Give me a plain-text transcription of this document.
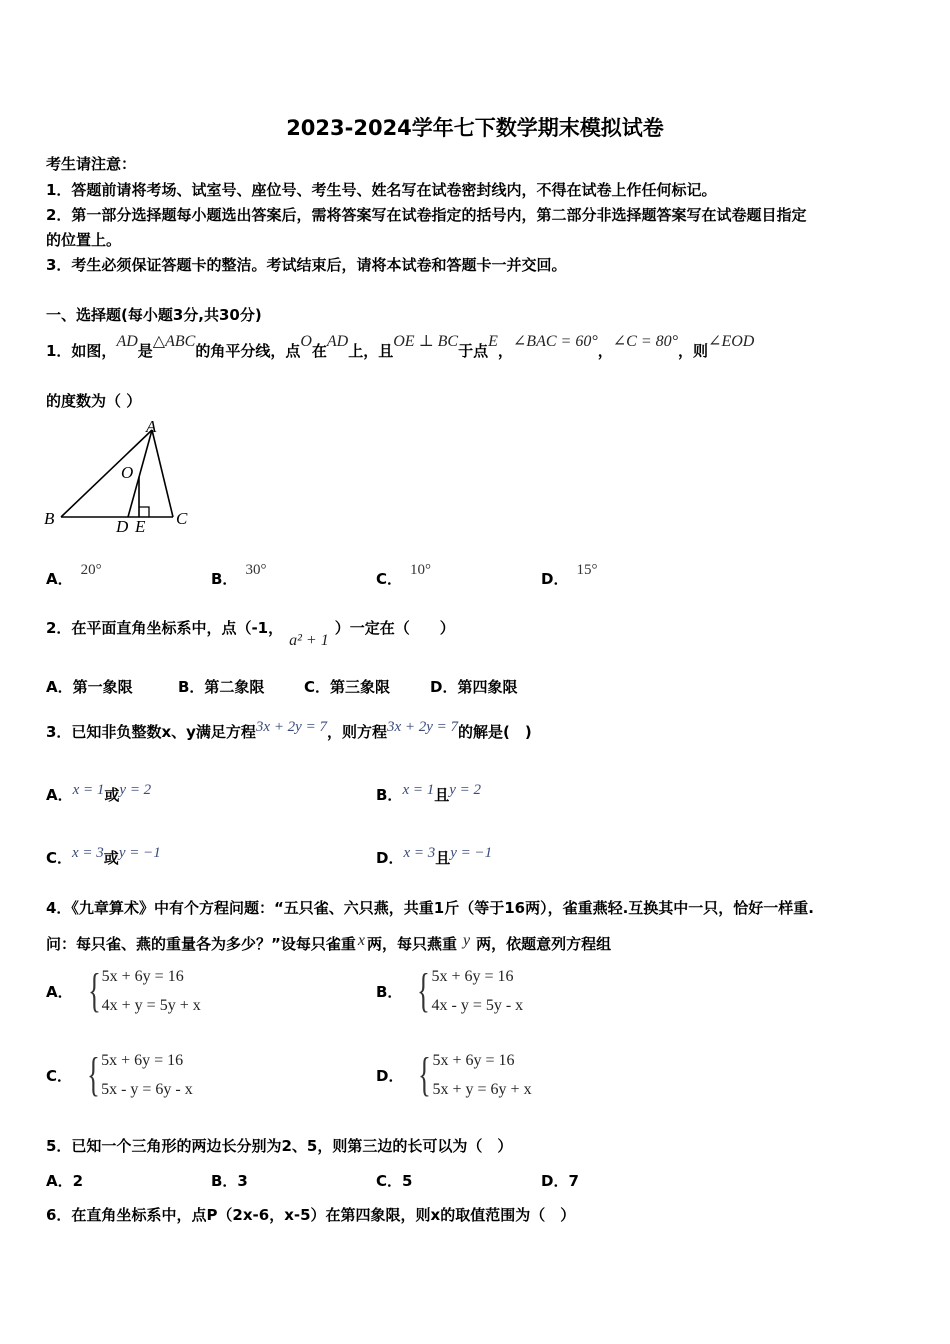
2023-2024学年七下数学期末模拟试卷
考生请注意：
1．答题前请将考场、试室号、座位号、考生号、姓名写在试卷密封线内，不得在试卷上作任何标记。
2．第一部分选择题每小题选出答案后，需将答案写在试卷指定的括号内，第二部分非选择题答案写在试卷题目指定
的位置上。
3．考生必须保证答题卡的整洁。考试结束后，请将本试卷和答题卡一并交回。
一、选择题(每小题3分,共30分)
1．如图，AD是△ABC的角平分线，点O在AD上，且OE ⊥ BC于点E，∠BAC = 60°，∠C = 80°，则∠EOD
的度数为（ ）
A
B	C
D E
O
A． 20°	B． 30°	C． 10°	D． 15°
2．在平面直角坐标系中，点（-1，a² + 1）一定在（　　）
A．第一象限	B．第二象限	C．第三象限	D．第四象限
3．已知非负整数x、y满足方程3x + 2y = 7，则方程3x + 2y = 7的解是(　)
A．x = 1或y = 2	B．x = 1且y = 2
C．x = 3或y = −1	D．x = 3且y = −1
4．《九章算术》中有个方程问题：“五只雀、六只燕，共重1斤（等于16两），雀重燕轻.互换其中一只，恰好一样重.
问：每只雀、燕的重量各为多少？”设每只雀重 x 两，每只燕重 y 两，依题意列方程组
A． { 5x + 6y = 16
4x + y = 5y + x
B． { 5x + 6y = 16
4x - y = 5y - x
C． { 5x + 6y = 16
5x - y = 6y - x
D． { 5x + 6y = 16
5x + y = 6y + x
5．已知一个三角形的两边长分别为2、5，则第三边的长可以为（　）
A．2	B．3	C．5	D．7
6．在直角坐标系中，点P（2x-6，x-5）在第四象限，则x的取值范围为（　）
